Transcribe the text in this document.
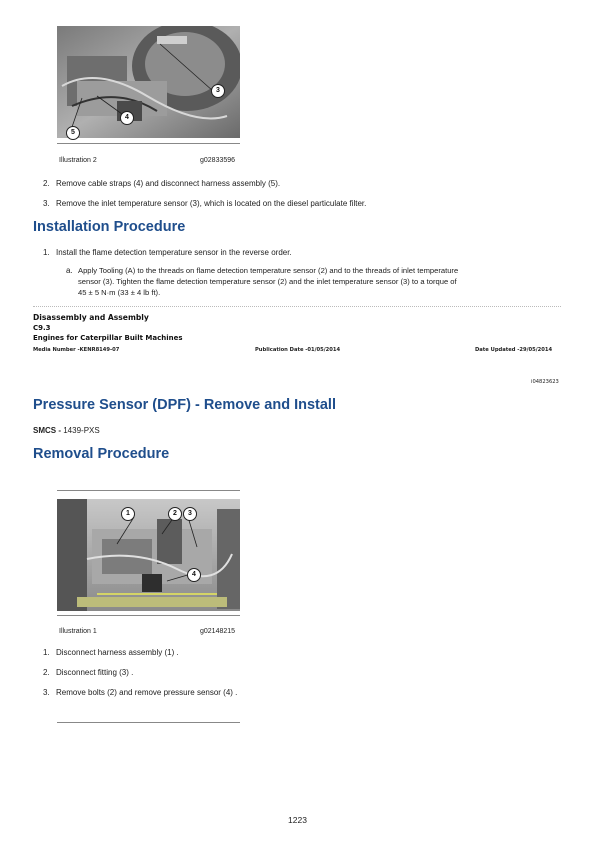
3
4
5
Illustration 2	g02833596
2. Remove cable straps (4) and disconnect harness assembly (5).
3. Remove the inlet temperature sensor (3), which is located on the diesel particulate filter.
Installation Procedure
1. Install the flame detection temperature sensor in the reverse order.
a. Apply Tooling (A) to the threads on flame detection temperature sensor (2) and to the threads of inlet temperature
sensor (3). Tighten the flame detection temperature sensor (2) and the inlet temperature sensor (3) to a torque of
45 ± 5 N·m (33 ± 4 lb ft).
Disassembly and Assembly
C9.3
Engines for Caterpillar Built Machines
Media Number -KENR8149-07	Publication Date -01/05/2014	Date Updated -29/05/2014
i04823623
Pressure Sensor (DPF) - Remove and Install
SMCS - 1439-PXS
Removal Procedure
1	2	3
4
Illustration 1	g02148215
1. Disconnect harness assembly (1) .
2. Disconnect fitting (3) .
3. Remove bolts (2) and remove pressure sensor (4) .
1223
